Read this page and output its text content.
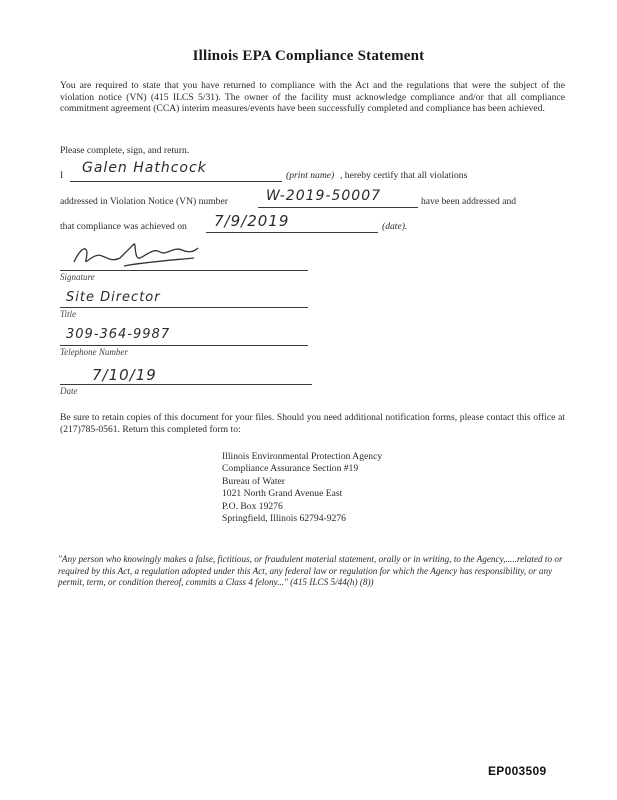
Illinois EPA Compliance Statement
You are required to state that you have returned to compliance with the Act and the regulations that were the subject of the violation notice (VN) (415 ILCS 5/31). The owner of the facility must acknowledge compliance and/or that all compliance commitment agreement (CCA) interim measures/events have been successfully completed and compliance has been achieved.
Please complete, sign, and return.
I Galen Hathcock	(print name) , hereby certify that all violations
addressed in Violation Notice (VN) number	W-2019-50007	have been addressed and
that compliance was achieved on 7/9/2019	(date).
Signature
Site Director
Title
309-364-9987
Telephone Number
7/10/19
Date
Be sure to retain copies of this document for your files. Should you need additional notification forms, please contact this office at (217)785-0561. Return this completed form to:
Illinois Environmental Protection Agency
Compliance Assurance Section #19
Bureau of Water
1021 North Grand Avenue East
P.O. Box 19276
Springfield, Illinois 62794-9276
"Any person who knowingly makes a false, fictitious, or fraudulent material statement, orally or in writing, to the Agency,.....related to or required by this Act, a regulation adopted under this Act, any federal law or regulation for which the Agency has responsibility, or any permit, term, or condition thereof, commits a Class 4 felony..." (415 ILCS 5/44(h) (8))
EP003509
